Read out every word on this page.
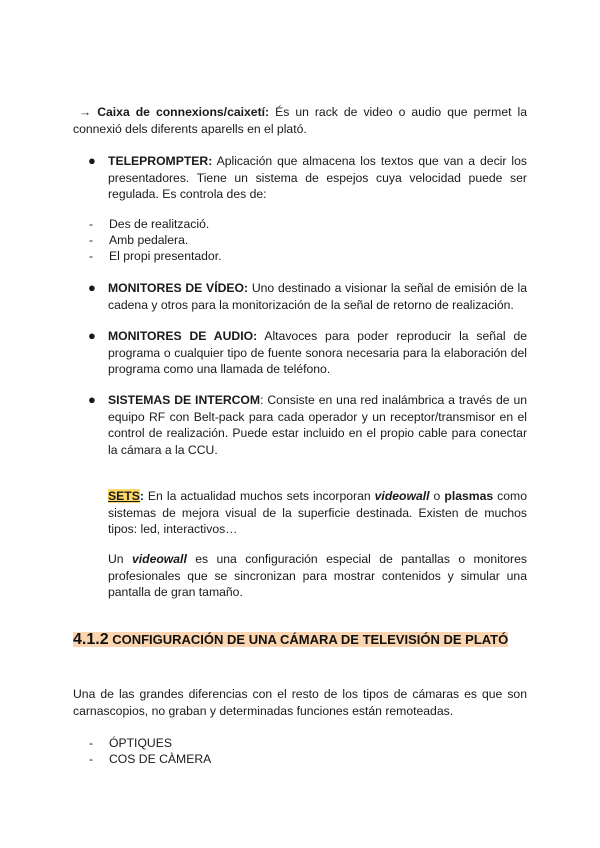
→ Caixa de connexions/caixetí: És un rack de video o audio que permet la connexió dels diferents aparells en el plató.
● TELEPROMPTER: Aplicación que almacena los textos que van a decir los presentadores. Tiene un sistema de espejos cuya velocidad puede ser regulada. Es controla des de:
- Des de realització.
- Amb pedalera.
- El propi presentador.
● MONITORES DE VÍDEO: Uno destinado a visionar la señal de emisión de la cadena y otros para la monitorización de la señal de retorno de realización.
● MONITORES DE AUDIO: Altavoces para poder reproducir la señal de programa o cualquier tipo de fuente sonora necesaria para la elaboración del programa como una llamada de teléfono.
● SISTEMAS DE INTERCOM: Consiste en una red inalámbrica a través de un equipo RF con Belt-pack para cada operador y un receptor/transmisor en el control de realización. Puede estar incluido en el propio cable para conectar la cámara a la CCU.
SETS: En la actualidad muchos sets incorporan videowall o plasmas como sistemas de mejora visual de la superficie destinada. Existen de muchos tipos: led, interactivos…
Un videowall es una configuración especial de pantallas o monitores profesionales que se sincronizan para mostrar contenidos y simular una pantalla de gran tamaño.
4.1.2 CONFIGURACIÓN DE UNA CÁMARA DE TELEVISIÓN DE PLATÓ
Una de las grandes diferencias con el resto de los tipos de cámaras es que son carnascopios, no graban y determinadas funciones están remoteadas.
- ÓPTIQUES
- COS DE CÀMERA
